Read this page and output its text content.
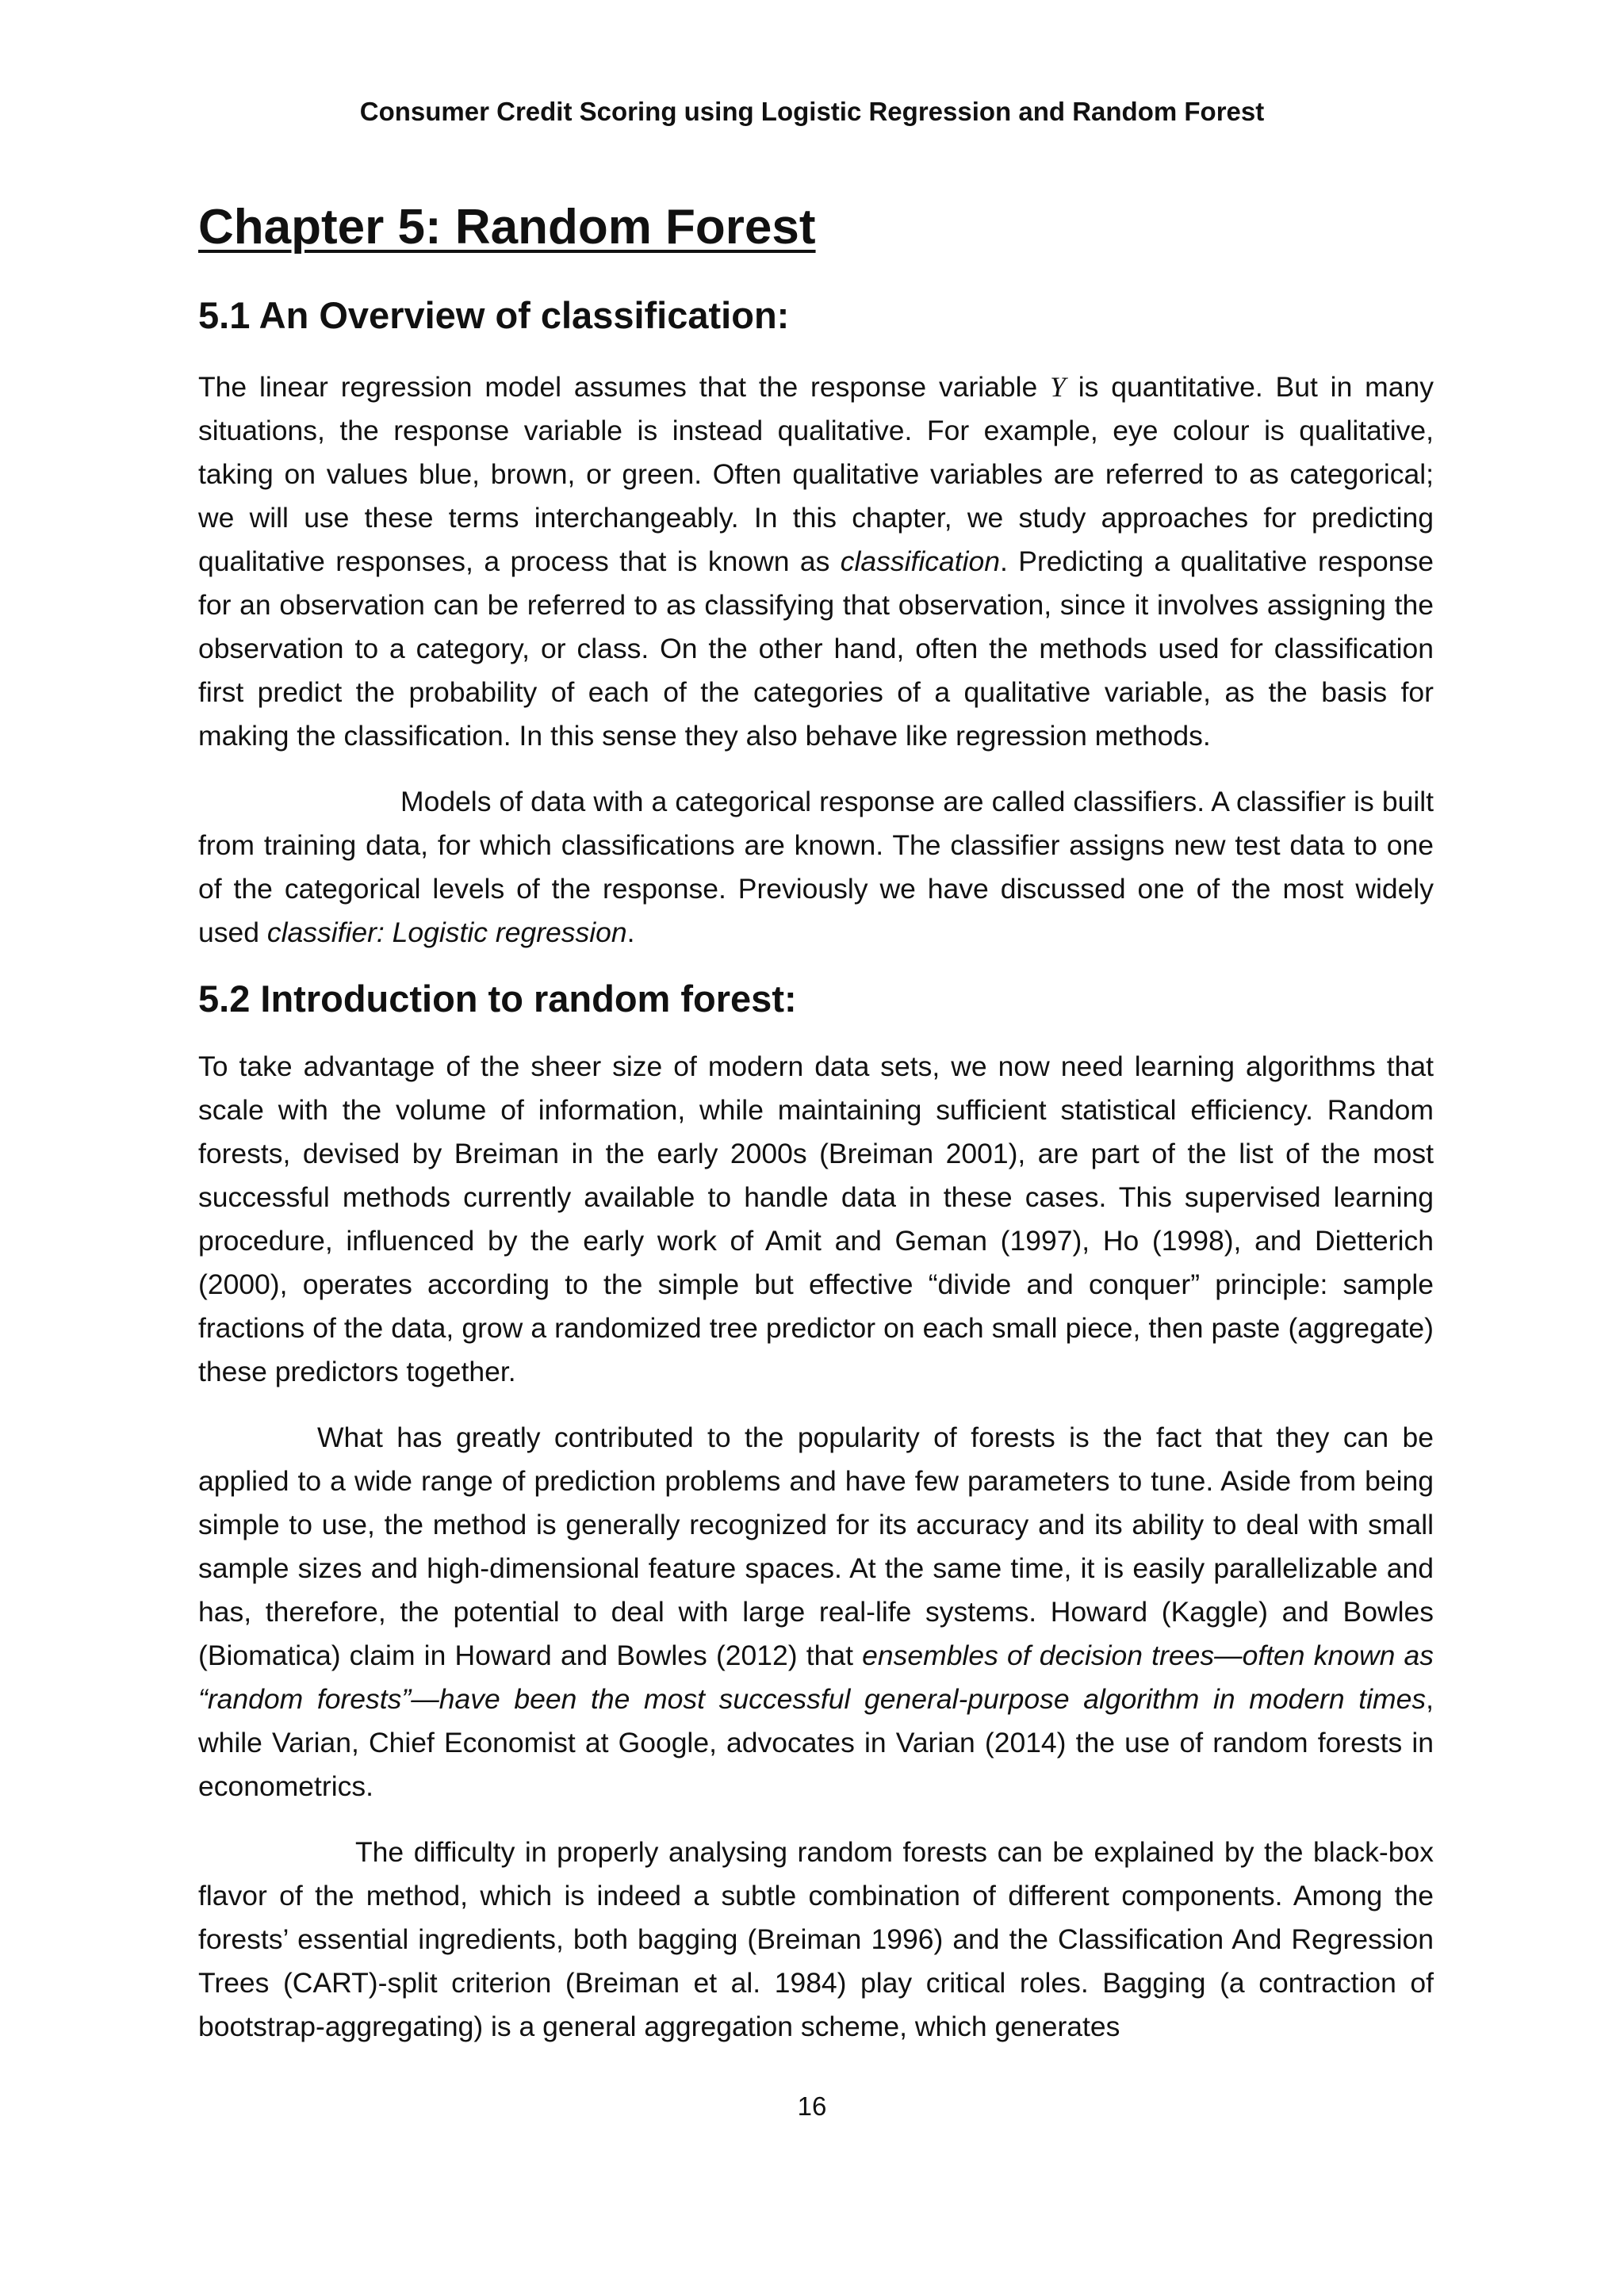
Consumer Credit Scoring using Logistic Regression and Random Forest
Chapter 5: Random Forest
5.1 An Overview of classification:

The linear regression model assumes that the response variable Y is quantitative. But in many situations, the response variable is instead qualitative. For example, eye colour is qualitative, taking on values blue, brown, or green. Often qualitative variables are referred to as categorical; we will use these terms interchangeably. In this chapter, we study approaches for predicting qualitative responses, a process that is known as classification. Predicting a qualitative response for an observation can be referred to as classifying that observation, since it involves assigning the observation to a category, or class. On the other hand, often the methods used for classification first predict the probability of each of the categories of a qualitative variable, as the basis for making the classification. In this sense they also behave like regression methods.

Models of data with a categorical response are called classifiers. A classifier is built from training data, for which classifications are known. The classifier assigns new test data to one of the categorical levels of the response. Previously we have discussed one of the most widely used classifier: Logistic regression.

5.2 Introduction to random forest:

To take advantage of the sheer size of modern data sets, we now need learning algorithms that scale with the volume of information, while maintaining sufficient statistical efficiency. Random forests, devised by Breiman in the early 2000s (Breiman 2001), are part of the list of the most successful methods currently available to handle data in these cases. This supervised learning procedure, influenced by the early work of Amit and Geman (1997), Ho (1998), and Dietterich (2000), operates according to the simple but effective “divide and conquer” principle: sample fractions of the data, grow a randomized tree predictor on each small piece, then paste (aggregate) these predictors together.

What has greatly contributed to the popularity of forests is the fact that they can be applied to a wide range of prediction problems and have few parameters to tune. Aside from being simple to use, the method is generally recognized for its accuracy and its ability to deal with small sample sizes and high-dimensional feature spaces. At the same time, it is easily parallelizable and has, therefore, the potential to deal with large real-life systems. Howard (Kaggle) and Bowles (Biomatica) claim in Howard and Bowles (2012) that ensembles of decision trees—often known as “random forests”—have been the most successful general-purpose algorithm in modern times, while Varian, Chief Economist at Google, advocates in Varian (2014) the use of random forests in econometrics.

The difficulty in properly analysing random forests can be explained by the black-box flavor of the method, which is indeed a subtle combination of different components. Among the forests’ essential ingredients, both bagging (Breiman 1996) and the Classification And Regression Trees (CART)-split criterion (Breiman et al. 1984) play critical roles. Bagging (a contraction of bootstrap-aggregating) is a general aggregation scheme, which generates

16
